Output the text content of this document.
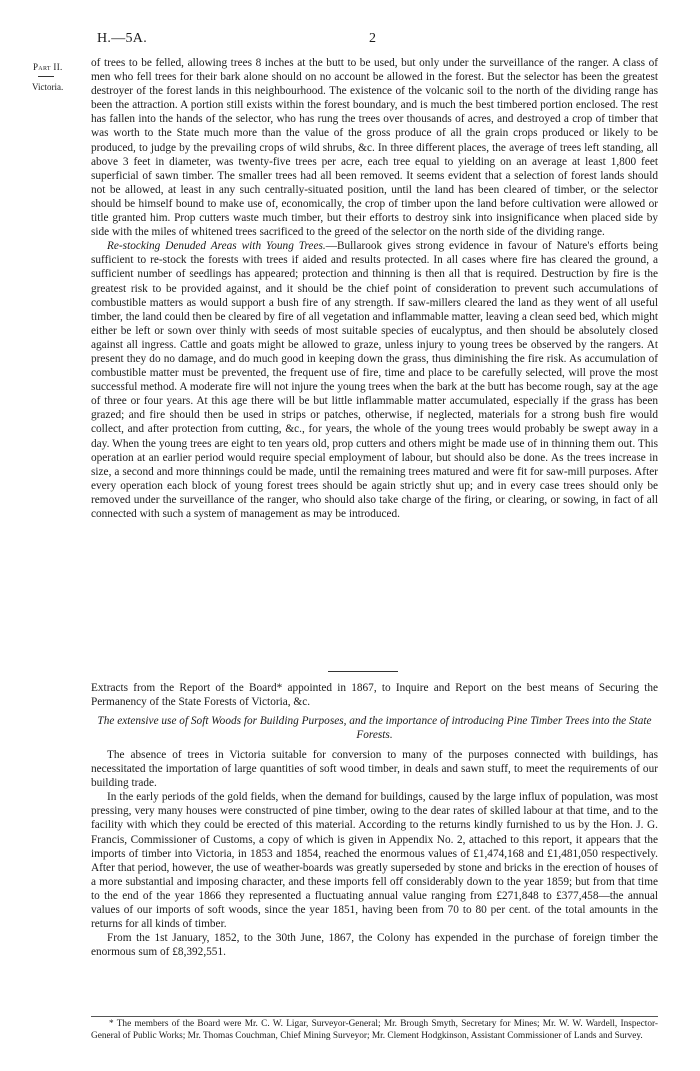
H.—5A.	2
Part II.
Victoria.

of trees to be felled, allowing trees 8 inches at the butt to be used, but only under the surveillance of the ranger. A class of men who fell trees for their bark alone should on no account be allowed in the forest. But the selector has been the greatest destroyer of the forest lands in this neighbourhood. The existence of the volcanic soil to the north of the dividing range has been the attraction. A portion still exists within the forest boundary, and is much the best timbered portion enclosed. The rest has fallen into the hands of the selector, who has rung the trees over thousands of acres, and destroyed a crop of timber that was worth to the State much more than the value of the gross produce of all the grain crops produced or likely to be produced, to judge by the prevailing crops of wild shrubs, &c. In three different places, the average of trees left standing, all above 3 feet in diameter, was twenty-five trees per acre, each tree equal to yielding on an average at least 1,800 feet superficial of sawn timber. The smaller trees had all been removed. It seems evident that a selection of forest lands should not be allowed, at least in any such centrally-situated position, until the land has been cleared of timber, or the selector should be himself bound to make use of, economically, the crop of timber upon the land before cultivation were allowed or title granted him. Prop cutters waste much timber, but their efforts to destroy sink into insignificance when placed side by side with the miles of whitened trees sacrificed to the greed of the selector on the north side of the dividing range.

Re-stocking Denuded Areas with Young Trees.—Bullarook gives strong evidence in favour of Nature's efforts being sufficient to re-stock the forests with trees if aided and results protected. In all cases where fire has cleared the ground, a sufficient number of seedlings has appeared; protection and thinning is then all that is required. Destruction by fire is the greatest risk to be provided against, and it should be the chief point of consideration to prevent such accumulations of combustible matters as would support a bush fire of any strength. If saw-millers cleared the land as they went of all useful timber, the land could then be cleared by fire of all vegetation and inflammable matter, leaving a clean seed bed, which might either be left or sown over thinly with seeds of most suitable species of eucalyptus, and then should be absolutely closed against all ingress. Cattle and goats might be allowed to graze, unless injury to young trees be observed by the rangers. At present they do no damage, and do much good in keeping down the grass, thus diminishing the fire risk. As accumulation of combustible matter must be prevented, the frequent use of fire, time and place to be carefully selected, will prove the most successful method. A moderate fire will not injure the young trees when the bark at the butt has become rough, say at the age of three or four years. At this age there will be but little inflammable matter accumulated, especially if the grass has been grazed; and fire should then be used in strips or patches, otherwise, if neglected, materials for a strong bush fire would collect, and after protection from cutting, &c., for years, the whole of the young trees would probably be swept away in a day. When the young trees are eight to ten years old, prop cutters and others might be made use of in thinning them out. This operation at an earlier period would require special employment of labour, but should also be done. As the trees increase in size, a second and more thinnings could be made, until the remaining trees matured and were fit for saw-mill purposes. After every operation each block of young forest trees should be again strictly shut up; and in every case trees should only be removed under the surveillance of the ranger, who should also take charge of the firing, or clearing, or sowing, in fact of all connected with such a system of management as may be introduced.

Extracts from the Report of the Board* appointed in 1867, to Inquire and Report on the best means of Securing the Permanency of the State Forests of Victoria, &c.
The extensive use of Soft Woods for Building Purposes, and the importance of introducing Pine Timber Trees into the State Forests.

The absence of trees in Victoria suitable for conversion to many of the purposes connected with buildings, has necessitated the importation of large quantities of soft wood timber, in deals and sawn stuff, to meet the requirements of our building trade.

In the early periods of the gold fields, when the demand for buildings, caused by the large influx of population, was most pressing, very many houses were constructed of pine timber, owing to the dear rates of skilled labour at that time, and to the facility with which they could be erected of this material. According to the returns kindly furnished to us by the Hon. J. G. Francis, Commissioner of Customs, a copy of which is given in Appendix No. 2, attached to this report, it appears that the imports of timber into Victoria, in 1853 and 1854, reached the enormous values of £1,474,168 and £1,481,050 respectively. After that period, however, the use of weather-boards was greatly superseded by stone and bricks in the erection of houses of a more substantial and imposing character, and these imports fell off considerably down to the year 1859; but from that time to the end of the year 1866 they represented a fluctuating annual value ranging from £271,848 to £377,458—the annual values of our imports of soft woods, since the year 1851, having been from 70 to 80 per cent. of the total amounts in the returns for all kinds of timber.

From the 1st January, 1852, to the 30th June, 1867, the Colony has expended in the purchase of foreign timber the enormous sum of £8,392,551.

* The members of the Board were Mr. C. W. Ligar, Surveyor-General; Mr. Brough Smyth, Secretary for Mines; Mr. W. W. Wardell, Inspector-General of Public Works; Mr. Thomas Couchman, Chief Mining Surveyor; Mr. Clement Hodgkinson, Assistant Commissioner of Lands and Survey.
